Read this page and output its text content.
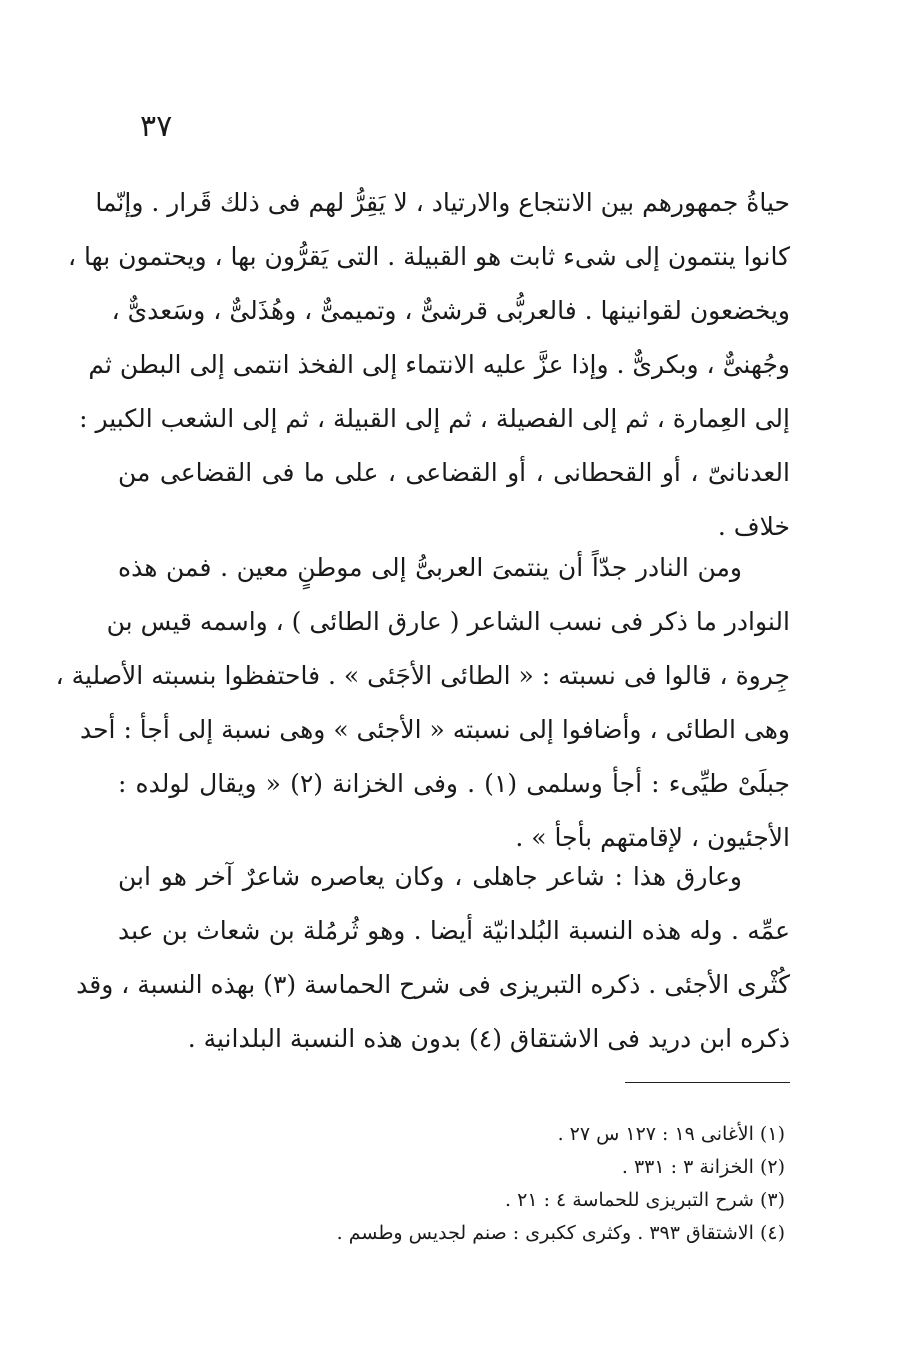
٣٧
حياةُ جمهورهم بين الانتجاع والارتياد ، لا يَقِرُّ لهم فى ذلك قَرار . وإنّما
كانوا ينتمون إلى شىء ثابت هو القبيلة . التى يَقرُّون بها ، ويحتمون بها ،
ويخضعون لقوانينها . فالعربُّى قرشىٌّ ، وتميمىٌّ ، وهُذَلىٌّ ، وسَعدىٌّ ،
وجُهنىٌّ ، وبكرىٌّ . وإذا عزَّ عليه الانتماء إلى الفخذ انتمى إلى البطن ثم
إلى العِمارة ، ثم إلى الفصيلة ، ثم إلى القبيلة ، ثم إلى الشعب الكبير :
العدنانىّ ، أو القحطانى ، أو القضاعى ، على ما فى القضاعى من
خلاف .
ومن النادر جدّاً أن ينتمىَ العربىُّ إلى موطنٍ معين . فمن هذه
النوادر ما ذكر فى نسب الشاعر ( عارق الطائى ) ، واسمه قيس بن
جِروة ، قالوا فى نسبته : « الطائى الأجَئى » . فاحتفظوا بنسبته الأصلية ،
وهى الطائى ، وأضافوا إلى نسبته « الأجئى » وهى نسبة إلى أجأ : أحد
جبلَىْ طيِّىء : أجأ وسلمى (١) . وفى الخزانة (٢) « ويقال لولده :
الأجئيون ، لإقامتهم بأجأ » .
وعارق هذا : شاعر جاهلى ، وكان يعاصره شاعرٌ آخر هو ابن
عمِّه . وله هذه النسبة البُلدانيّة أيضا . وهو ثُرمُلة بن شعاث بن عبد
كُثْرى الأجئى . ذكره التبريزى فى شرح الحماسة (٣) بهذه النسبة ، وقد
ذكره ابن دريد فى الاشتقاق (٤) بدون هذه النسبة البلدانية .
(١) الأغانى ١٩ : ١٢٧ س ٢٧ .
(٢) الخزانة ٣ : ٣٣١ .
(٣) شرح التبريزى للحماسة ٤ : ٢١ .
(٤) الاشتقاق ٣٩٣ . وكثرى ككبرى : صنم لجديس وطسم .
